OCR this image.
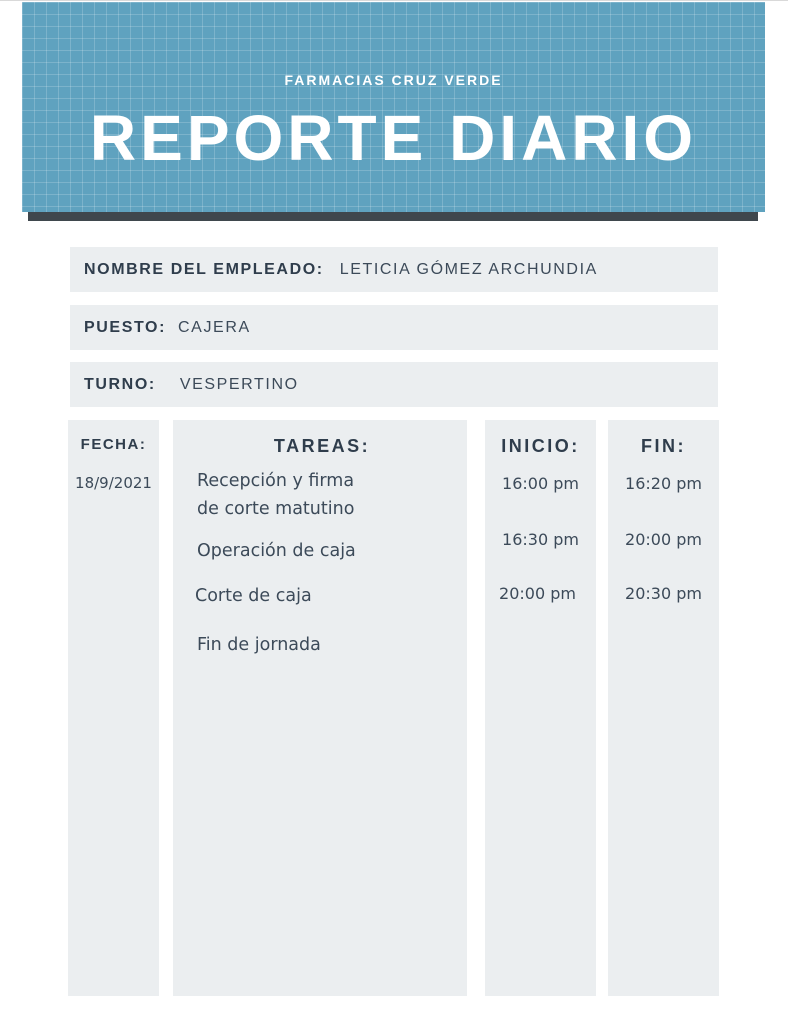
FARMACIAS CRUZ VERDE
REPORTE DIARIO
NOMBRE DEL EMPLEADO: LETICIA GÓMEZ ARCHUNDIA
PUESTO: CAJERA
TURNO: VESPERTINO
FECHA:
18/9/2021
TAREAS:
Recepción y firma
de corte matutino
Operación de caja
Corte de caja
Fin de jornada
INICIO:
16:00 pm
16:30 pm
20:00 pm
FIN:
16:20 pm
20:00 pm
20:30 pm
